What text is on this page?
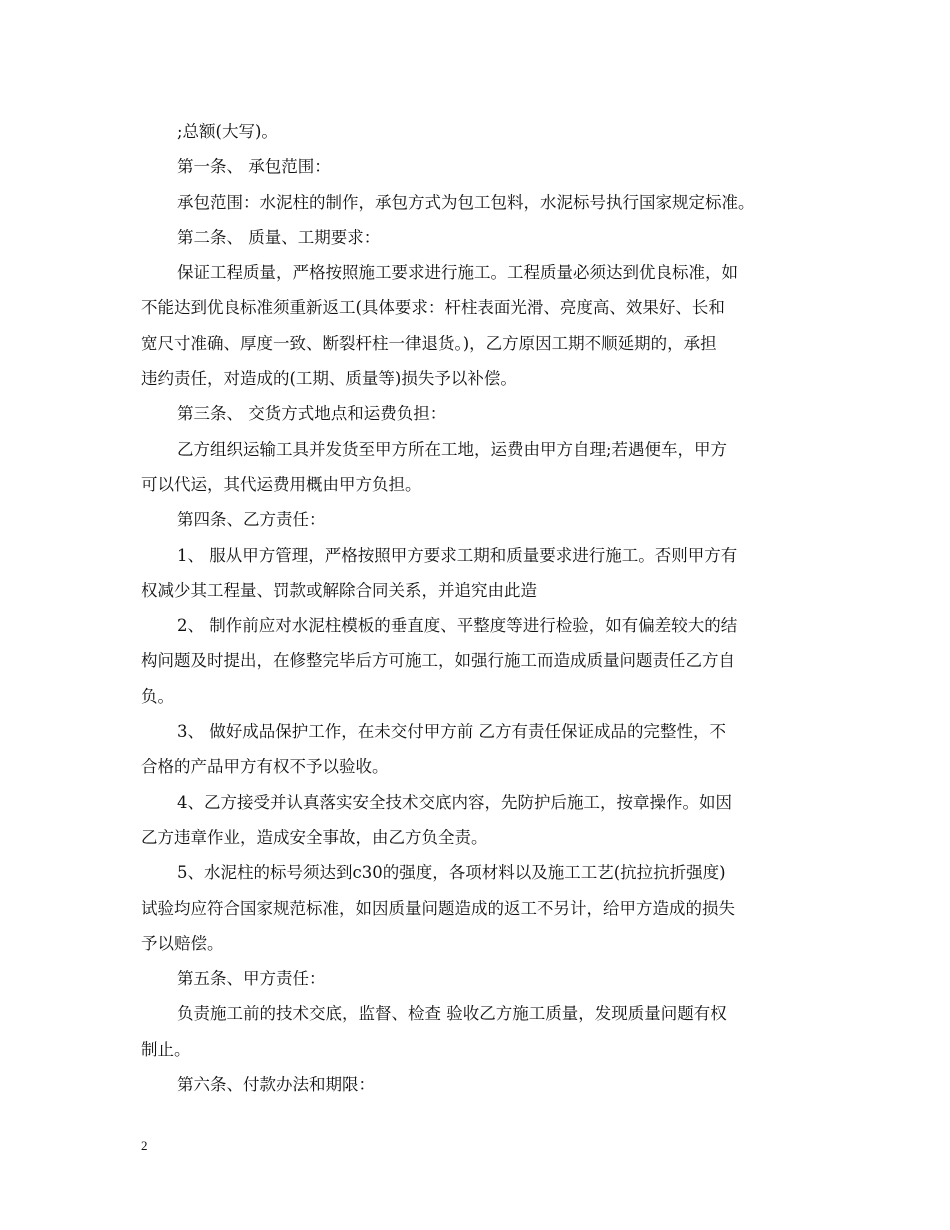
;总额(大写)。
第一条、 承包范围：
承包范围：水泥柱的制作，承包方式为包工包料，水泥标号执行国家规定标准。
第二条、 质量、工期要求：
保证工程质量，严格按照施工要求进行施工。工程质量必须达到优良标准，如
不能达到优良标准须重新返工(具体要求：杆柱表面光滑、亮度高、效果好、长和
宽尺寸准确、厚度一致、断裂杆柱一律退货。)，乙方原因工期不顺延期的，承担
违约责任，对造成的(工期、质量等)损失予以补偿。
第三条、 交货方式地点和运费负担：
乙方组织运输工具并发货至甲方所在工地，运费由甲方自理;若遇便车，甲方
可以代运，其代运费用概由甲方负担。
第四条、乙方责任：
1、 服从甲方管理，严格按照甲方要求工期和质量要求进行施工。否则甲方有
权减少其工程量、罚款或解除合同关系，并追究由此造
2、 制作前应对水泥柱模板的垂直度、平整度等进行检验，如有偏差较大的结
构问题及时提出，在修整完毕后方可施工，如强行施工而造成质量问题责任乙方自
负。
3、 做好成品保护工作，在未交付甲方前 乙方有责任保证成品的完整性，不
合格的产品甲方有权不予以验收。
4、乙方接受并认真落实安全技术交底内容，先防护后施工，按章操作。如因
乙方违章作业，造成安全事故，由乙方负全责。
5、水泥柱的标号须达到c30的强度，各项材料以及施工工艺(抗拉抗折强度)
试验均应符合国家规范标准，如因质量问题造成的返工不另计，给甲方造成的损失
予以赔偿。
第五条、甲方责任：
负责施工前的技术交底，监督、检查 验收乙方施工质量，发现质量问题有权
制止。
第六条、付款办法和期限：
2
